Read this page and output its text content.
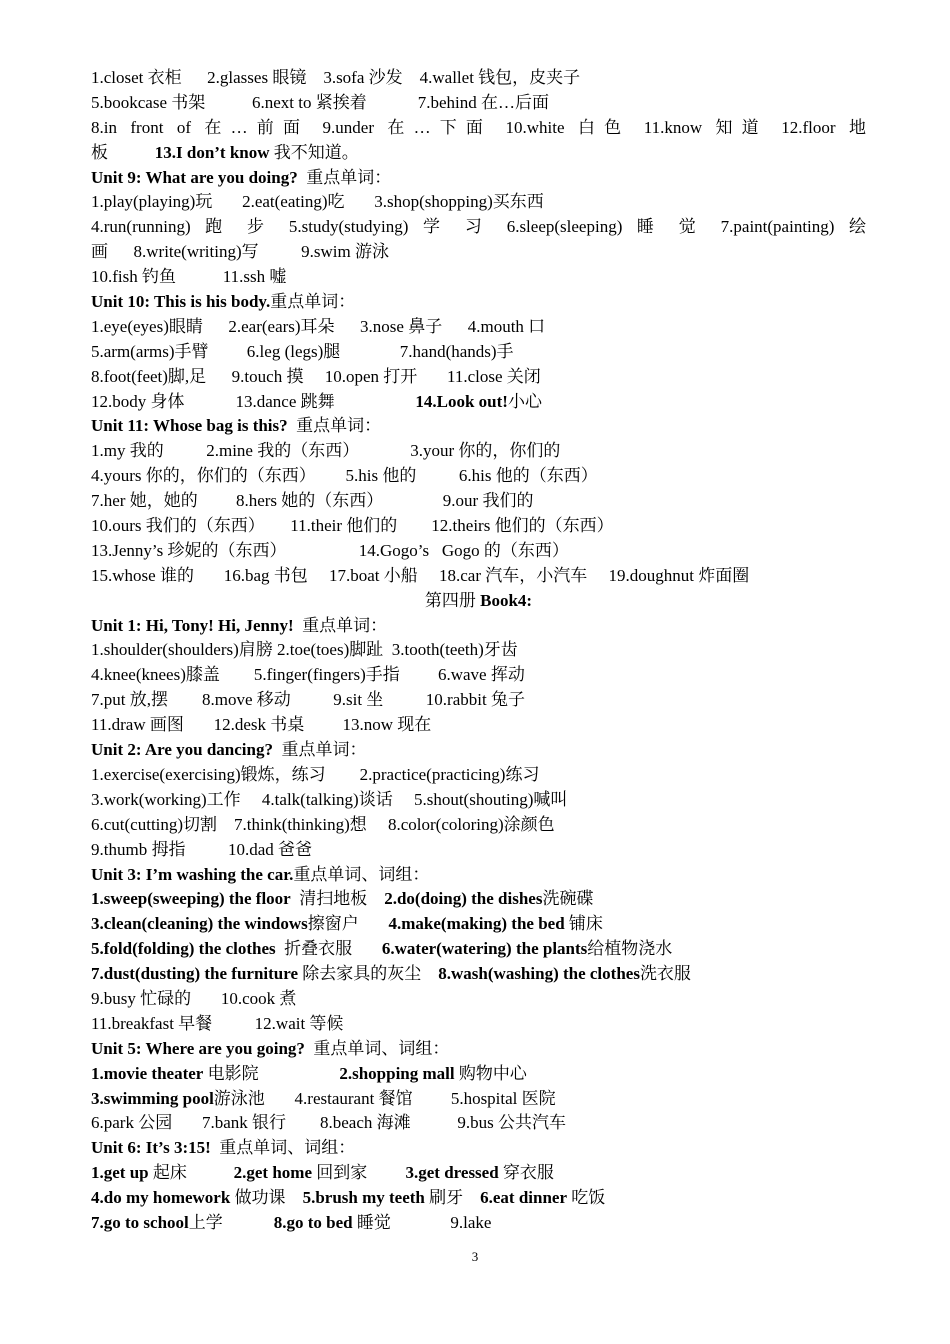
1.closet 衣柜      2.glasses 眼镜    3.sofa 沙发    4.wallet 钱包，皮夹子
5.bookcase 书架           6.next to 紧挨着            7.behind 在…后面
8.in front of 在…前面 9.under 在…下面 10.white 白色 11.know 知道 12.floor 地
板           13.I don’t know 我不知道。
Unit 9: What are you doing?  重点单词：
1.play(playing)玩       2.eat(eating)吃       3.shop(shopping)买东西
4.run(running) 跑 步 5.study(studying) 学 习 6.sleep(sleeping) 睡 觉 7.paint(painting) 绘
画      8.write(writing)写          9.swim 游泳
10.fish 钓鱼           11.ssh 嘘
Unit 10: This is his body.重点单词：
1.eye(eyes)眼睛      2.ear(ears)耳朵      3.nose 鼻子      4.mouth 口
5.arm(arms)手臂         6.leg (legs)腿              7.hand(hands)手
8.foot(feet)脚,足      9.touch 摸     10.open 打开       11.close 关闭
12.body 身体            13.dance 跳舞                   14.Look out!小心
Unit 11: Whose bag is this?  重点单词：
1.my 我的          2.mine 我的（东西）            3.your 你的，你们的
4.yours 你的，你们的（东西）       5.his 他的          6.his 他的（东西）
7.her 她，她的         8.hers 她的（东西）              9.our 我们的
10.ours 我们的（东西）      11.their 他们的        12.theirs 他们的（东西）
13.Jenny’s 珍妮的（东西）                 14.Gogo’s   Gogo 的（东西）
15.whose 谁的       16.bag 书包     17.boat 小船     18.car 汽车，小汽车     19.doughnut 炸面圈
第四册 Book4:
Unit 1: Hi, Tony! Hi, Jenny!  重点单词：
1.shoulder(shoulders)肩膀 2.toe(toes)脚趾  3.tooth(teeth)牙齿
4.knee(knees)膝盖        5.finger(fingers)手指         6.wave 挥动
7.put 放,摆        8.move 移动          9.sit 坐          10.rabbit 兔子
11.draw 画图       12.desk 书桌         13.now 现在
Unit 2: Are you dancing?  重点单词：
1.exercise(exercising)锻炼，练习        2.practice(practicing)练习
3.work(working)工作     4.talk(talking)谈话     5.shout(shouting)喊叫
6.cut(cutting)切割    7.think(thinking)想     8.color(coloring)涂颜色
9.thumb 拇指          10.dad 爸爸
Unit 3: I’m washing the car.重点单词、词组：
1.sweep(sweeping) the floor  清扫地板    2.do(doing) the dishes洗碗碟
3.clean(cleaning) the windows擦窗户       4.make(making) the bed 铺床
5.fold(folding) the clothes  折叠衣服       6.water(watering) the plants给植物浇水
7.dust(dusting) the furniture 除去家具的灰尘    8.wash(washing) the clothes洗衣服
9.busy 忙碌的       10.cook 煮
11.breakfast 早餐          12.wait 等候
Unit 5: Where are you going?  重点单词、词组：
1.movie theater 电影院                   2.shopping mall 购物中心
3.swimming pool游泳池       4.restaurant 餐馆         5.hospital 医院
6.park 公园       7.bank 银行        8.beach 海滩           9.bus 公共汽车
Unit 6: It’s 3:15!  重点单词、词组：
1.get up 起床           2.get home 回到家         3.get dressed 穿衣服
4.do my homework 做功课    5.brush my teeth 刷牙    6.eat dinner 吃饭
7.go to school上学            8.go to bed 睡觉              9.lake
3
